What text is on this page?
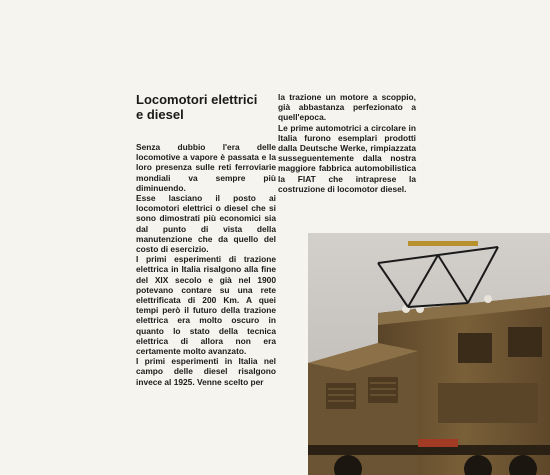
Locomotori elettrici
e diesel

Senza dubbio l'era delle locomotive a vapore è passata e la loro presenza sulle reti ferroviarie mondiali va sempre più diminuendo.

Esse lasciano il posto ai locomotori elettrici o diesel che si sono dimostrati più economici sia dal punto di vista della manutenzione che da quello del costo di esercizio.

I primi esperimenti di trazione elettrica in Italia risalgono alla fine del XIX secolo e già nel 1900 potevano contare su una rete elettrificata di 200 Km. A quei tempi però il futuro della trazione elettrica era molto oscuro in quanto lo stato della tecnica elettrica di allora non era certamente molto avanzato.

I primi esperimenti in Italia nel campo delle diesel risalgono invece al 1925. Venne scelto per

la trazione un motore a scoppio, già abbastanza perfezionato a quell'epoca.

Le prime automotrici a circolare in Italia furono esemplari prodotti dalla Deutsche Werke, rimpiazzata susseguentemente dalla nostra maggiore fabbrica automobilistica la FIAT che intraprese la costruzione di locomotor diesel.
